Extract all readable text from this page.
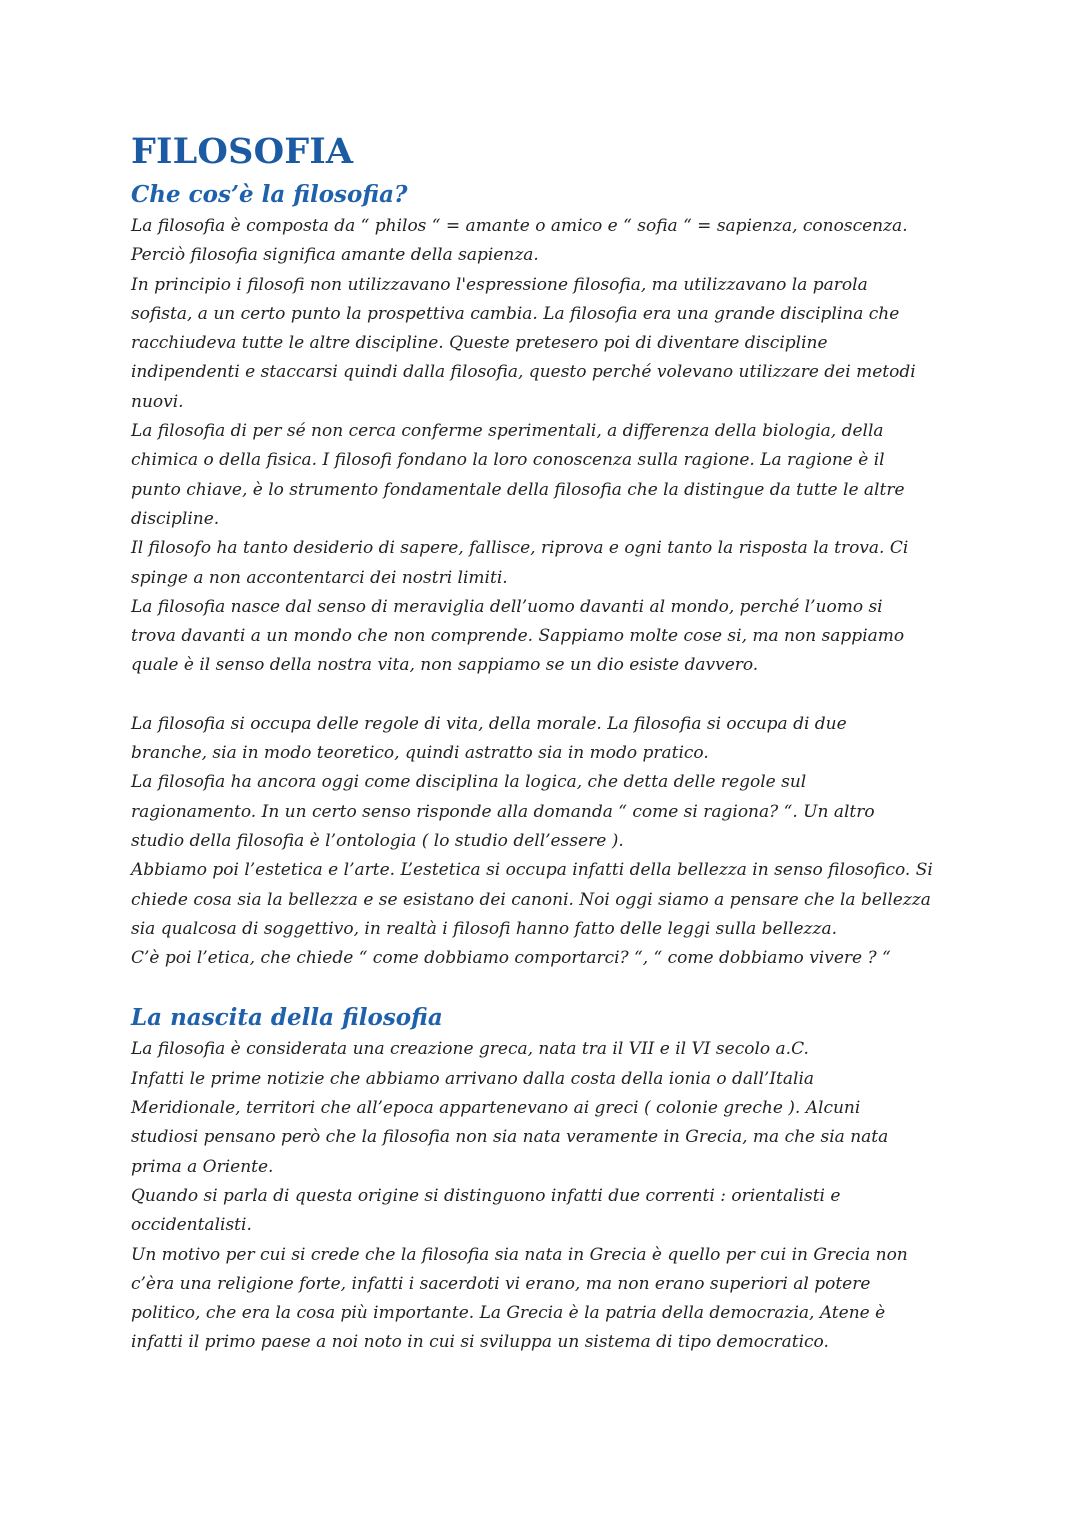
FILOSOFIA
Che cos’è la filosofia?

La filosofia è composta da “ philos “ = amante o amico e “ sofia “ = sapienza, conoscenza.

Perciò filosofia significa amante della sapienza.

In principio i filosofi non utilizzavano l'espressione filosofia, ma utilizzavano la parola

sofista, a un certo punto la prospettiva cambia. La filosofia era una grande disciplina che

racchiudeva tutte le altre discipline. Queste pretesero poi di diventare discipline

indipendenti e staccarsi quindi dalla filosofia, questo perché volevano utilizzare dei metodi

nuovi.

La filosofia di per sé non cerca conferme sperimentali, a differenza della biologia, della

chimica o della fisica. I filosofi fondano la loro conoscenza sulla ragione. La ragione è il

punto chiave, è lo strumento fondamentale della filosofia che la distingue da tutte le altre

discipline.

Il filosofo ha tanto desiderio di sapere, fallisce, riprova e ogni tanto la risposta la trova. Ci

spinge a non accontentarci dei nostri limiti.

La filosofia nasce dal senso di meraviglia dell’uomo davanti al mondo, perché l’uomo si

trova davanti a un mondo che non comprende. Sappiamo molte cose si, ma non sappiamo

quale è il senso della nostra vita, non sappiamo se un dio esiste davvero.

La filosofia si occupa delle regole di vita, della morale. La filosofia si occupa di due

branche, sia in modo teoretico, quindi astratto sia in modo pratico.

La filosofia ha ancora oggi come disciplina la logica, che detta delle regole sul

ragionamento. In un certo senso risponde alla domanda “ come si ragiona? “. Un altro

studio della filosofia è l’ontologia ( lo studio dell’essere ).

Abbiamo poi l’estetica e l’arte. L’estetica si occupa infatti della bellezza in senso filosofico. Si

chiede cosa sia la bellezza e se esistano dei canoni. Noi oggi siamo a pensare che la bellezza

sia qualcosa di soggettivo, in realtà i filosofi hanno fatto delle leggi sulla bellezza.

C’è poi l’etica, che chiede “ come dobbiamo comportarci? “, “ come dobbiamo vivere ? “

La nascita della filosofia

La filosofia è considerata una creazione greca, nata tra il VII e il VI secolo a.C.

Infatti le prime notizie che abbiamo arrivano dalla costa della ionia o dall’Italia

Meridionale, territori che all’epoca appartenevano ai greci ( colonie greche ). Alcuni

studiosi pensano però che la filosofia non sia nata veramente in Grecia, ma che sia nata

prima a Oriente.

Quando si parla di questa origine si distinguono infatti due correnti : orientalisti e

occidentalisti.

Un motivo per cui si crede che la filosofia sia nata in Grecia è quello per cui in Grecia non

c’èra una religione forte, infatti i sacerdoti vi erano, ma non erano superiori al potere

politico, che era la cosa più importante. La Grecia è la patria della democrazia, Atene è

infatti il primo paese a noi noto in cui si sviluppa un sistema di tipo democratico.
